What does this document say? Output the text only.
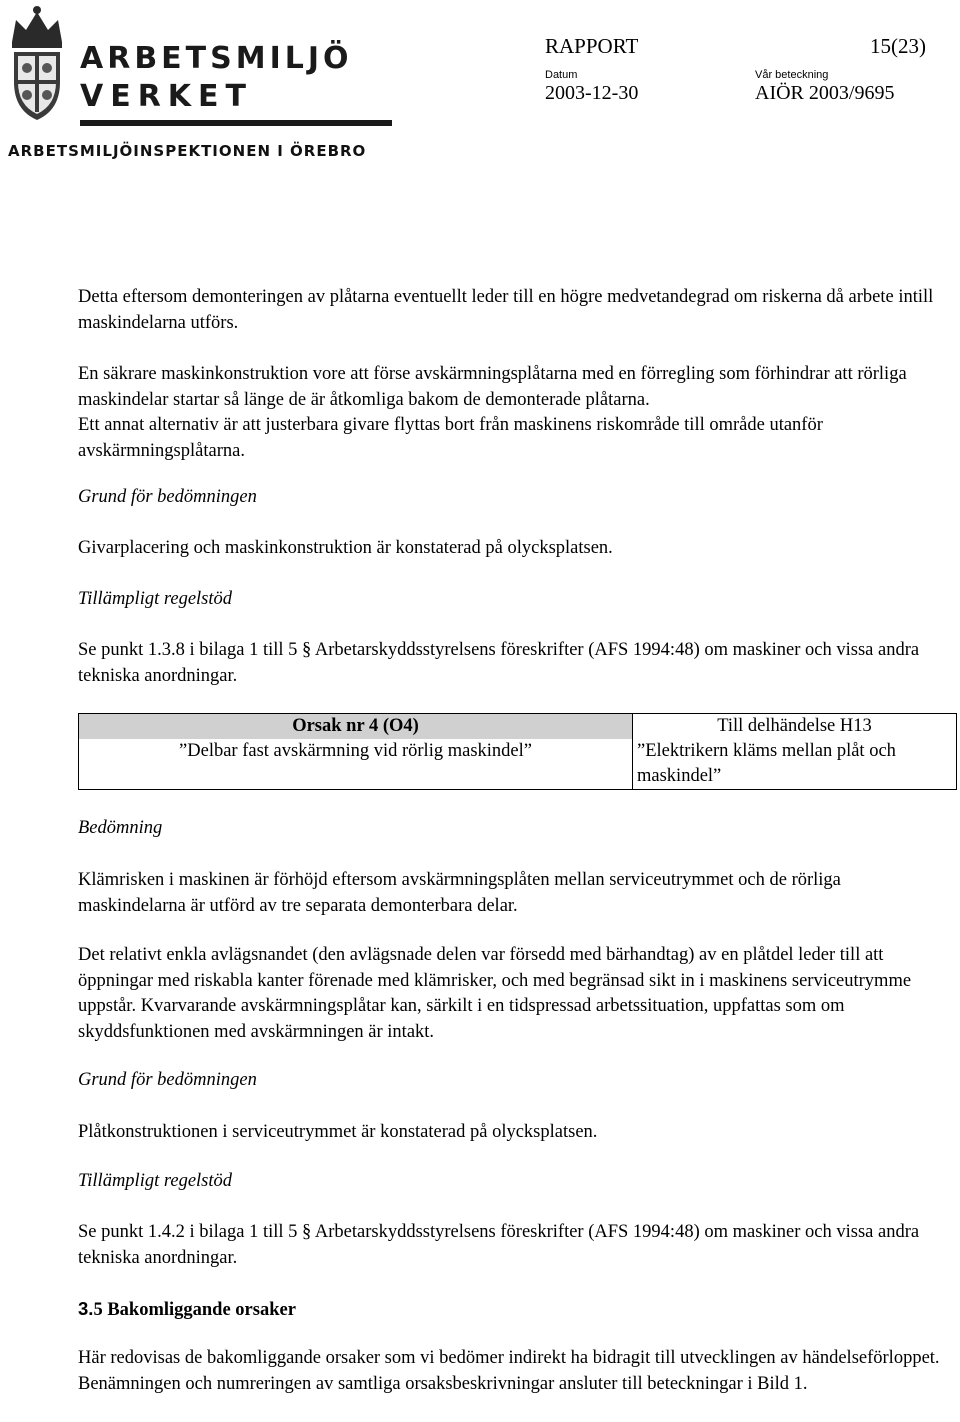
ARBETSMILJÖ
VERKET
ARBETSMILJÖINSPEKTIONEN I ÖREBRO
RAPPORT	15(23)
Datum
2003-12-30
Vår beteckning
AIÖR 2003/9695

Detta eftersom demonteringen av plåtarna eventuellt leder till en högre medvetandegrad om riskerna då arbete intill maskindelarna utförs.

En säkrare maskinkonstruktion vore att förse avskärmningsplåtarna med en förregling som förhindrar att rörliga maskindelar startar så länge de är åtkomliga bakom de demonterade plåtarna.

Ett annat alternativ är att justerbara givare flyttas bort från maskinens riskområde till område utanför avskärmningsplåtarna.

Grund för bedömningen
Givarplacering och maskinkonstruktion är konstaterad på olycksplatsen.
Tillämpligt regelstöd
Se punkt 1.3.8 i bilaga 1 till 5 § Arbetarskyddsstyrelsens föreskrifter (AFS 1994:48) om maskiner och vissa andra tekniska anordningar.
Orsak nr 4 (O4)	Till delhändelse H13
”Delbar fast avskärmning vid rörlig maskindel”	”Elektrikern kläms mellan plåt och maskindel”
Bedömning
Klämrisken i maskinen är förhöjd eftersom avskärmningsplåten mellan serviceutrymmet och de rörliga maskindelarna är utförd av tre separata demonterbara delar.
Det relativt enkla avlägsnandet (den avlägsnade delen var försedd med bärhandtag) av en plåtdel leder till att öppningar med riskabla kanter förenade med klämrisker, och med begränsad sikt in i maskinens serviceutrymme uppstår. Kvarvarande avskärmningsplåtar kan, särkilt i en tidspressad arbetssituation, uppfattas som om skyddsfunktionen med avskärmningen är intakt.
Grund för bedömningen
Plåtkonstruktionen i serviceutrymmet är konstaterad på olycksplatsen.
Tillämpligt regelstöd
Se punkt 1.4.2 i bilaga 1 till 5 § Arbetarskyddsstyrelsens föreskrifter (AFS 1994:48) om maskiner och vissa andra tekniska anordningar.
3.5 Bakomliggande orsaker
Här redovisas de bakomliggande orsaker som vi bedömer indirekt ha bidragit till utvecklingen av händelseförloppet. Benämningen och numreringen av samtliga orsaksbeskrivningar ansluter till beteckningar i Bild 1.
